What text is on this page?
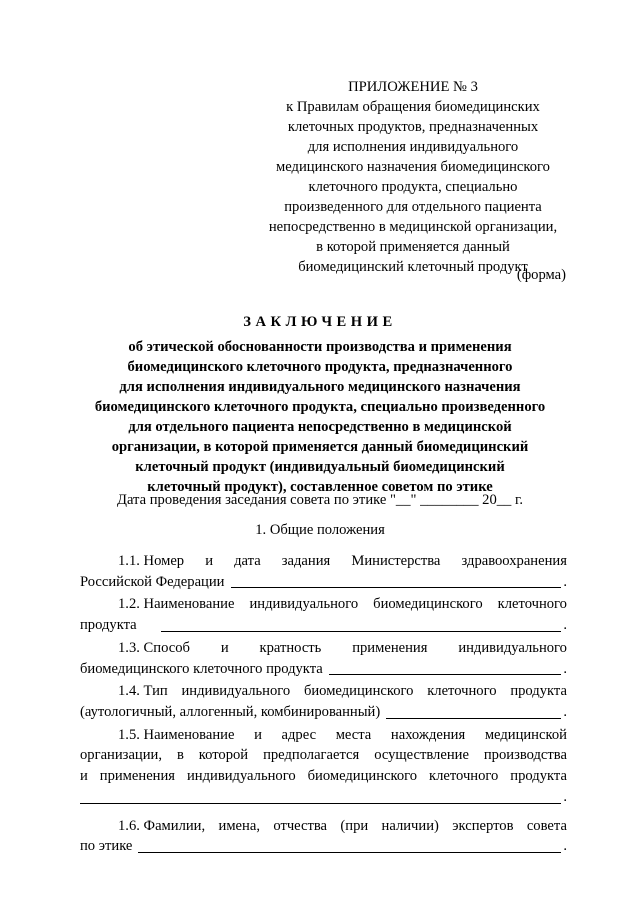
ПРИЛОЖЕНИЕ № 3
к Правилам обращения биомедицинских
клеточных продуктов, предназначенных
для исполнения индивидуального
медицинского назначения биомедицинского
клеточного продукта, специально
произведенного для отдельного пациента
непосредственно в медицинской организации,
в которой применяется данный
биомедицинский клеточный продукт
(форма)
ЗАКЛЮЧЕНИЕ
об этической обоснованности производства и применения
биомедицинского клеточного продукта, предназначенного
для исполнения индивидуального медицинского назначения
биомедицинского клеточного продукта, специально произведенного
для отдельного пациента непосредственно в медицинской
организации, в которой применяется данный биомедицинский
клеточный продукт (индивидуальный биомедицинский
клеточный продукт), составленное советом по этике
Дата проведения заседания совета по этике "__" ________ 20__ г.
1. Общие положения
1.1. Номер и дата задания Министерства здравоохранения
Российской Федерации	.
1.2. Наименование индивидуального биомедицинского клеточного
продукта	.
1.3. Способ и кратность применения индивидуального
биомедицинского клеточного продукта	.
1.4. Тип индивидуального биомедицинского клеточного продукта
(аутологичный, аллогенный, комбинированный)	.
1.5. Наименование и адрес места нахождения медицинской
организации, в которой предполагается осуществление производства
и применения индивидуального биомедицинского клеточного продукта
.
1.6. Фамилии, имена, отчества (при наличии) экспертов совета
по этике	.
